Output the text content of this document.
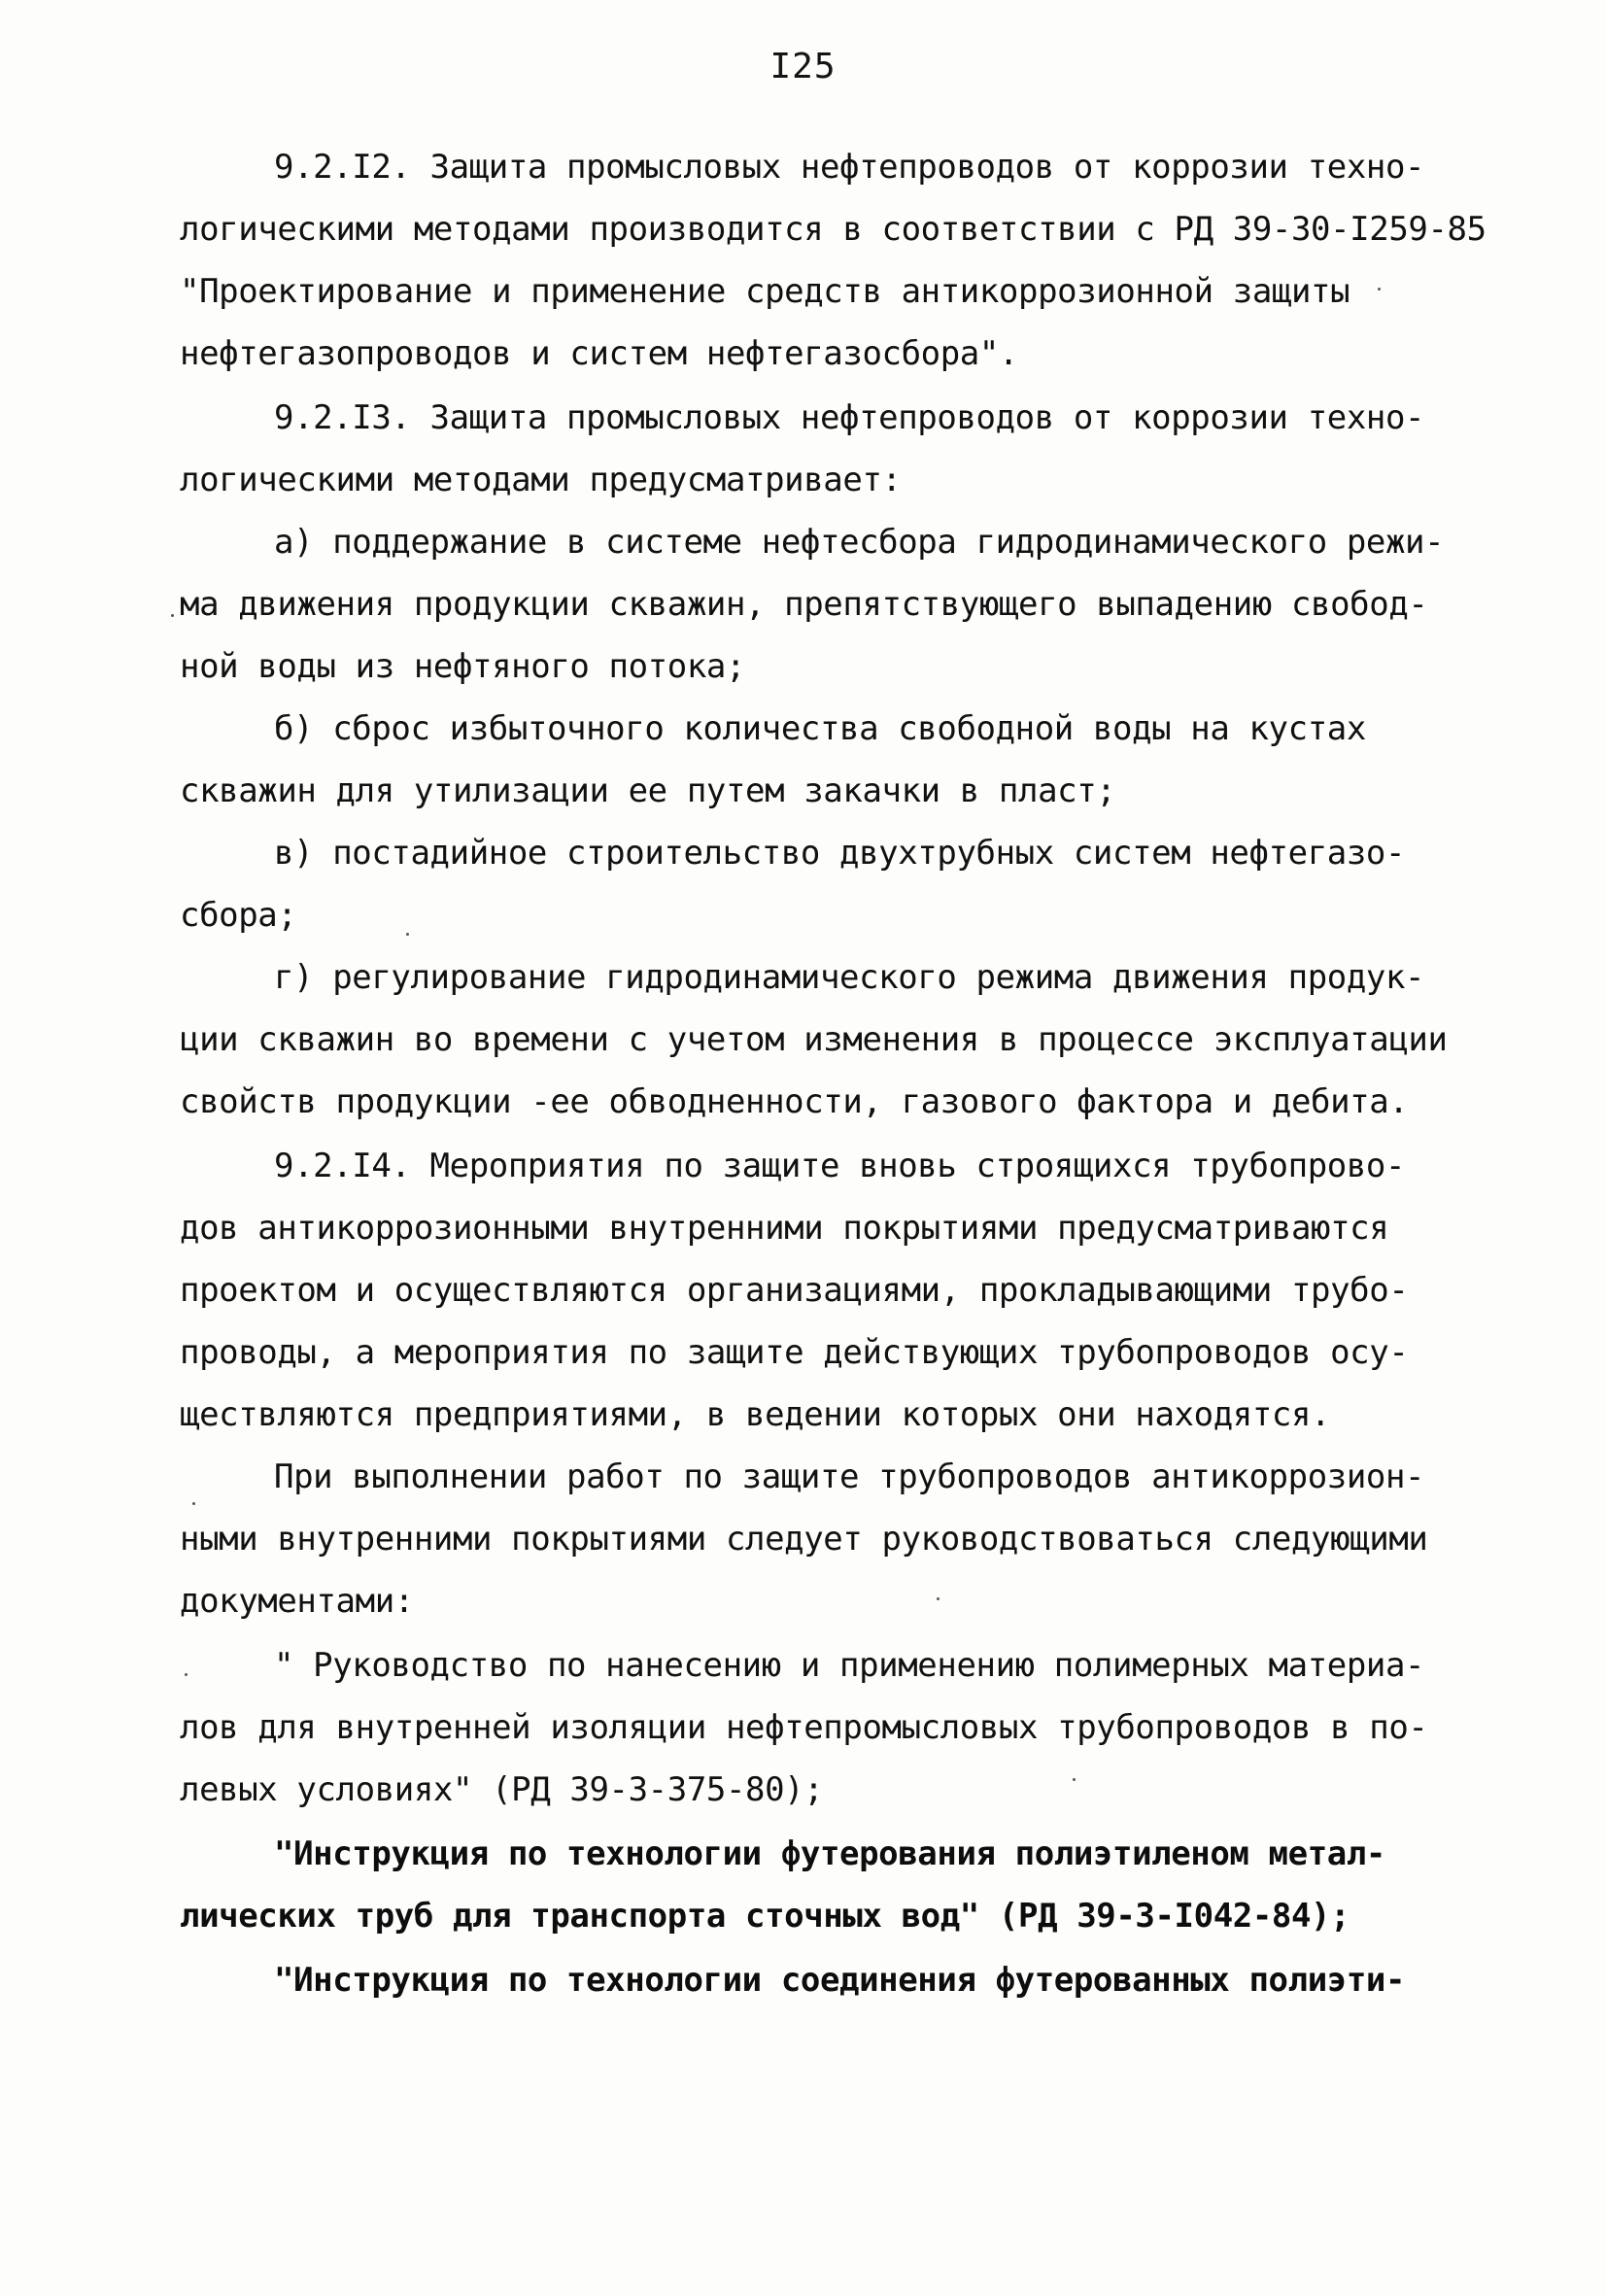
I25
9.2.I2. Защита промысловых нефтепроводов от коррозии техно-
логическими методами производится в соответствии с РД 39-30-I259-85
"Проектирование и применение средств антикоррозионной защиты
нефтегазопроводов и систем нефтегазосбора".
9.2.I3. Защита промысловых нефтепроводов от коррозии техно-
логическими методами предусматривает:
а) поддержание в системе нефтесбора гидродинамического режи-
ма движения продукции скважин, препятствующего выпадению свобод-
ной воды из нефтяного потока;
б) сброс избыточного количества свободной воды на кустах
скважин для утилизации ее путем закачки в пласт;
в) постадийное строительство двухтрубных систем нефтегазо-
сбора;
г) регулирование гидродинамического режима движения продук-
ции скважин во времени с учетом изменения в процессе эксплуатации
свойств продукции -ее обводненности, газового фактора и дебита.
9.2.I4. Мероприятия по защите вновь строящихся трубопрово-
дов антикоррозионными внутренними покрытиями предусматриваются
проектом и осуществляются организациями, прокладывающими трубо-
проводы, а мероприятия по защите действующих трубопроводов осу-
ществляются предприятиями, в ведении которых они находятся.
При выполнении работ по защите трубопроводов антикоррозион-
ными внутренними покрытиями следует руководствоваться следующими
документами:
" Руководство по нанесению и применению полимерных материа-
лов для внутренней изоляции нефтепромысловых трубопроводов в по-
левых условиях" (РД 39-3-375-80);
"Инструкция по технологии футерования полиэтиленом метал-
лических труб для транспорта сточных вод" (РД 39-3-I042-84);
"Инструкция по технологии соединения футерованных полиэти-
